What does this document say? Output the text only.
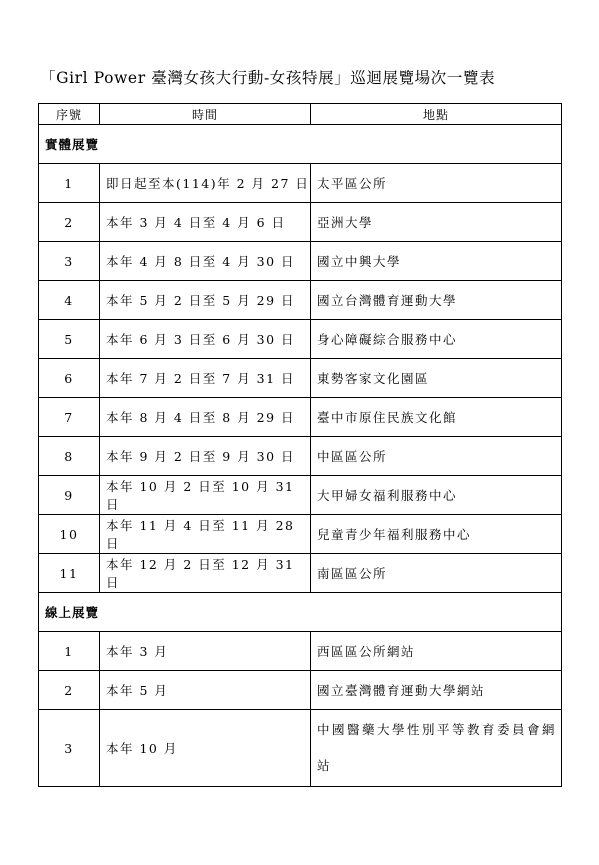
「Girl Power 臺灣女孩大行動-女孩特展」巡迴展覽場次一覽表
序號	時間	地點
實體展覽		
1	即日起至本(114)年 2 月 27 日	太平區公所
2	本年 3 月 4 日至 4 月 6 日	亞洲大學
3	本年 4 月 8 日至 4 月 30 日	國立中興大學
4	本年 5 月 2 日至 5 月 29 日	國立台灣體育運動大學
5	本年 6 月 3 日至 6 月 30 日	身心障礙綜合服務中心
6	本年 7 月 2 日至 7 月 31 日	東勢客家文化園區
7	本年 8 月 4 日至 8 月 29 日	臺中市原住民族文化館
8	本年 9 月 2 日至 9 月 30 日	中區區公所
9	本年 10 月 2 日至 10 月 31 日	大甲婦女福利服務中心
10	本年 11 月 4 日至 11 月 28 日	兒童青少年福利服務中心
11	本年 12 月 2 日至 12 月 31 日	南區區公所
線上展覽		
1	本年 3 月	西區區公所網站
2	本年 5 月	國立臺灣體育運動大學網站
3	本年 10 月	中國醫藥大學性別平等教育委員會網站
